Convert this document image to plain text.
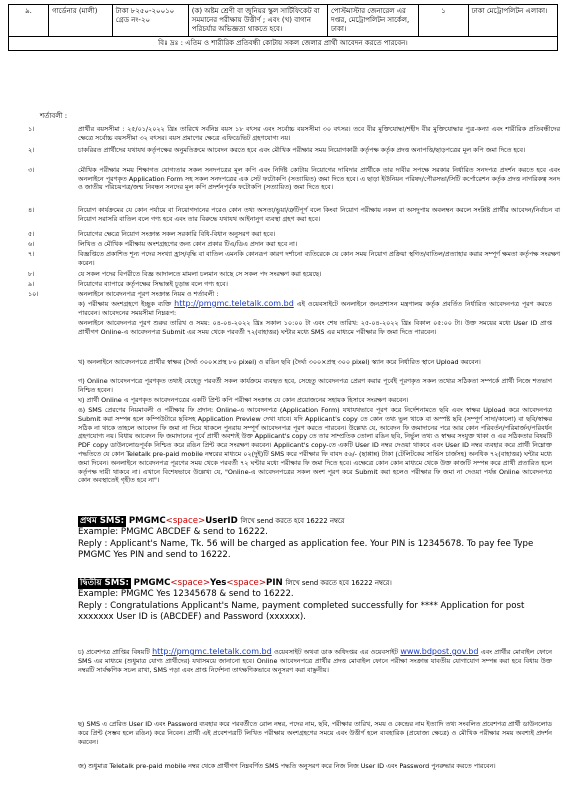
৯.	গার্ডেনার (মালী)	টাকা ৮২৫০-২০০১০ গ্রেড নং-২০	(ক) অষ্টম শ্রেণী বা জুনিয়র স্কুল সার্টিফিকেট বা সমমানের পরীক্ষায় উত্তীর্ণ ; এবং (খ) বাগান পরিচর্যার অভিজ্ঞতা থাকতে হবে।	পোস্টমাস্টার জেনারেল এর দপ্তর, মেট্রোপলিটন সার্কেল, ঢাকা।	১	ঢাকা মেট্রোপলিটন এলাকা।
বিঃ দ্রঃ : এতিম ও শারীরিক প্রতিবন্ধী কোটায় সকল জেলার প্রার্থী আবেদন করতে পারবেন।
শর্তাবলী :
১।	প্রার্থীর বয়সসীমা : ২৫/০১/২০২২ খ্রিঃ তারিখে সর্বনিম্ন বয়স ১৮ বৎসর এবং সর্বোচ্চ বয়সসীমা ৩০ বৎসর। তবে বীর মুক্তিযোদ্ধা/শহীদ বীর মুক্তিযোদ্ধার পুত্র-কন্যা এবং শারীরিক প্রতিবন্ধীদের ক্ষেত্রে সর্বোচ্চ বয়সসীমা ৩২ বৎসর। বয়স প্রমাণের ক্ষেত্রে এফিডেভিট গ্রহণযোগ্য নয়।
২।	চাকরিরত প্রার্থীদের যথাযথ কর্তৃপক্ষের অনুমতিক্রমে আবেদন করতে হবে এবং মৌখিক পরীক্ষার সময় নিয়োগকারী কর্তৃপক্ষ কর্তৃক প্রদত্ত অনাপত্তি/ছাড়পত্রের মূল কপি জমা দিতে হবে।
৩।	মৌখিক পরীক্ষার সময় শিক্ষাগত যোগ্যতার সকল সনদপত্রের মূল কপি এবং নির্দিষ্ট কোটায় নিয়োগের দাবিদার প্রার্থীকে তার দাবীর সপক্ষে সরকার নির্ধারিত সনদপত্র প্রদর্শন করতে হবে এবং অনলাইনে পূরণকৃত Application Form সহ সকল সনদপত্রের এক সেট ফটোকপি (সত্যায়িত) জমা দিতে হবে। এ ছাড়া ইউনিয়ন পরিষদ/পৌরসভা/সিটি কর্পোরেশন কর্তৃক প্রদত্ত নাগরিকত্ব সনদ ও জাতীয় পরিচয়পত্র/জন্ম নিবন্ধন সনদের মূল কপি প্রদর্শনপূর্বক ফটোকপি (সত্যায়িত) জমা দিতে হবে।
৪।	নিয়োগ কার্যক্রমের যে কোন পর্যায়ে বা নিয়োগদানের পরেও কোন তথ্য অসত্য/ভুয়া/ত্রুটিপূর্ণ বলে কিংবা নিয়োগ পরীক্ষায় নকল বা অসদুপায় অবলম্বন করলে সংশ্লিষ্ট প্রার্থীর আবেদন/নির্বাচন বা নিয়োগ সরাসরি বাতিল বলে গণ্য হবে এবং তার বিরুদ্ধে যথাযথ আইনানুগ ব্যবস্থা গ্রহণ করা হবে।
৫।	নিয়োগের ক্ষেত্রে নিয়োগ সংক্রান্ত সকল সরকারি বিধি-বিধান অনুসরণ করা হবে।
৬।	লিখিত ও মৌখিক পরীক্ষায় অংশগ্রহণের জন্য কোন প্রকার টিএ/ডিএ প্রদান করা হবে না।
৭।	বিজ্ঞপ্তিতে প্রকাশিত শূন্য পদের সংখ্যা হ্রাস/বৃদ্ধি বা বাতিল এমনকি কোনরূপ কারণ দর্শানো ব্যতিরেকে যে কোন সময় নিয়োগ প্রক্রিয়া স্থগিত/বাতিল/প্রত্যাহার করার সম্পূর্ণ ক্ষমতা কর্তৃপক্ষ সংরক্ষণ করেন।
৮।	যে সকল পদের বিপরীতে বিজ্ঞ আদালতে মামলা চলমান আছে সে সকল পদ সংরক্ষণ করা হয়েছে।
৯।	নিয়োগের ব্যাপারে কর্তৃপক্ষের সিদ্ধান্তই চূড়ান্ত বলে গণ্য হবে।
১০।	অনলাইনে আবেদনপত্র পূরণ সংক্রান্ত নিয়ম ও শর্তাবলী :
ক) পরীক্ষায় অংশগ্রহণে ইচ্ছুক ব্যক্তি http://pmgmc.teletalk.com.bd এই ওয়েবসাইটে অনলাইনে জনপ্রশাসন মন্ত্রণালয় কর্তৃক প্রবর্তিত নির্ধারিত আবেদনপত্র পূরণ করতে পারবেন। আবেদনের সময়সীমা নিম্নরূপ:
অনলাইনে আবেদনপত্র পূরণ শুরুর তারিখ ও সময়: ০৪-০৪-২০২২ খ্রিঃ সকাল ১০:০০ টা এবং শেষ তারিখ: ২৫-০৪-২০২২ খ্রিঃ বিকাল ০৫:০০ টা। উক্ত সময়ের মধ্যে User ID প্রাপ্ত প্রার্থীগণ Online-এ আবেদনপত্র Submit এর সময় থেকে পরবর্তী ৭২(বাহাত্তর) ঘন্টার মধ্যে SMS এর মাধ্যমে পরীক্ষার ফি জমা দিতে পারবেন।
খ) অনলাইনে আবেদনপত্রে প্রার্থীর স্বাক্ষর (দৈর্ঘ্য ৩০০×প্রস্থ ৮০ pixel) ও রঙিন ছবি (দৈর্ঘ্য ৩০০×প্রস্থ ৩০০ pixel) স্ক্যান করে নির্ধারিত স্থানে Upload করবেন।
গ) Online আবেদনপত্রে পূরণকৃত তথ্যই যেহেতু পরবর্তী সকল কার্যক্রমে ব্যবহৃত হবে, সেহেতু আবেদনপত্র প্রেরণ করার পূর্বেই পূরণকৃত সকল তথ্যের সঠিকতা সম্পর্কে প্রার্থী নিজে শতভাগ নিশ্চিত হবেন।
ঘ) প্রার্থী Online এ পূরণকৃত আবেদনপত্রের একটি প্রিন্ট কপি পরীক্ষা সংক্রান্ত যে কোন প্রয়োজনের সহায়ক হিসাবে সংরক্ষণ করবেন।
ঙ) SMS প্রেরণের নিয়মাবলী ও পরীক্ষার ফি প্রদান: Online-এ আবেদনপত্র (Application Form) যথাযথভাবে পূরণ করে নির্দেশনামতে ছবি এবং স্বাক্ষর Upload করে আবেদনপত্র Submit করা সম্পন্ন হলে কম্পিউটারে ছবিসহ Application Preview দেখা যাবে। যদি Applicant's copy তে কোন তথ্য ভুল থাকে বা অস্পষ্ট ছবি (সম্পূর্ণ সাদা/কালো) বা ছবি/স্বাক্ষর সঠিক না থাকে তাহলে আবেদন ফি জমা না দিয়ে থাকলে পুনরায় সম্পূর্ণ আবেদনপত্র পূরণ করতে পারবেন। উল্লেখ্য যে, আবেদন ফি জমাদানের পরে আর কোন পরিবর্তন/পরিমার্জন/পরিবর্ধন গ্রহণযোগ্য নয়। বিধায় আবেদন ফি জমাদানের পূর্বে প্রার্থী অবশ্যই উক্ত Applicant's copy তে তার সাম্প্রতিক তোলা রঙিন ছবি, নির্ভুল তথ্য ও স্বাক্ষর সংযুক্ত থাকা ও এর সঠিকতার বিষয়টি PDF copy ডাউনলোডপূর্বক নিশ্চিত করে রঙিন প্রিন্ট করে সংরক্ষণ করবেন। Applicant's copy-তে একটি User ID নম্বর দেওয়া থাকবে এবং User ID নম্বর ব্যবহার করে প্রার্থী নিম্নোক্ত পদ্ধতিতে যে কোন Teletalk pre-paid mobile নম্বরের মাধ্যমে ০২(দুই)টি SMS করে পরীক্ষার ফি বাবদ ৫৬/- (ছাপ্পান্ন) টাকা (টেলিটকের সার্ভিস চার্জসহ) অনধিক ৭২(বাহাত্তর) ঘন্টার মধ্যে জমা দিবেন। অনলাইনে আবেদনপত্র পূরণের সময় থেকে পরবর্তী ৭২ ঘন্টার মধ্যে পরীক্ষার ফি জমা দিতে হবে। এক্ষেত্রে কোন কোন মাধ্যমে থেকে উক্ত কাজটি সম্পন্ন করে প্রার্থী প্রতারিত হলে কর্তৃপক্ষ দায়ী থাকবে না। এখানে বিশেষভাবে উল্লেখ্য যে, "Online-এ আবেদনপত্রের সকল অংশ পূরণ করে Submit করা হলেও পরীক্ষার ফি জমা না দেওয়া পর্যন্ত Online আবেদনপত্র কোন অবস্থাতেই গৃহীত হবে না"।
প্রথম SMS: PMGMC<space>UserID লিখে send করতে হবে 16222 নম্বরে
Example: PMGMC ABCDEF & send to 16222.
Reply : Applicant's Name, Tk. 56 will be charged as application fee. Your PIN is 12345678. To pay fee Type PMGMC Yes PIN and send to 16222.
দ্বিতীয় SMS: PMGMC<space>Yes<space>PIN লিখে send করতে হবে 16222 নম্বরে।
Example: PMGMC Yes 12345678 & send to 16222.
Reply : Congratulations Applicant's Name, payment completed successfully for **** Application for post xxxxxxx User ID is (ABCDEF) and Password (xxxxxx).
চ) প্রবেশপত্র প্রাপ্তির বিষয়টি http://pmgmc.teletalk.com.bd ওয়েবসাইট অথবা ডাক অধিদপ্তর এর ওয়েবসাইট www.bdpost.gov.bd এবং প্রার্থীর মোবাইল ফোনে SMS এর মাধ্যমে (শুধুমাত্র যোগ্য প্রার্থীদের) যথাসময়ে জানানো হবে। Online আবেদনপত্রে প্রার্থীর প্রদত্ত মোবাইল ফোনে পরীক্ষা সংক্রান্ত যাবতীয় যোগাযোগ সম্পন্ন করা হবে বিধায় উক্ত নম্বরটি সার্বক্ষণিক সচল রাখা, SMS পড়া এবং প্রাপ্ত নির্দেশনা তাৎক্ষণিকভাবে অনুসরণ করা বাঞ্ছনীয়।
ছ) SMS এ প্রেরিত User ID এবং Password ব্যবহার করে পরবর্তীতে রোল নম্বর, পদের নাম, ছবি, পরীক্ষার তারিখ, সময় ও কেন্দ্রের নাম ইত্যাদি তথ্য সংবলিত প্রবেশপত্র প্রার্থী ডাউনলোড করে প্রিন্ট (সম্ভব হলে রঙিন) করে নিবেন। প্রার্থী এই প্রবেশপত্রটি লিখিত পরীক্ষায় অংশগ্রহণের সময়ে এবং উত্তীর্ণ হলে ব্যবহারিক (প্রযোজ্য ক্ষেত্রে) ও মৌখিক পরীক্ষার সময় অবশ্যই প্রদর্শন করবেন।
জ) শুধুমাত্র Teletalk pre-paid mobile নম্বর থেকে প্রার্থীগণ নিম্নবর্ণিত SMS পদ্ধতি অনুসরণ করে নিজ নিজ User ID এবং Password পুনরুদ্ধার করতে পারবেন।
